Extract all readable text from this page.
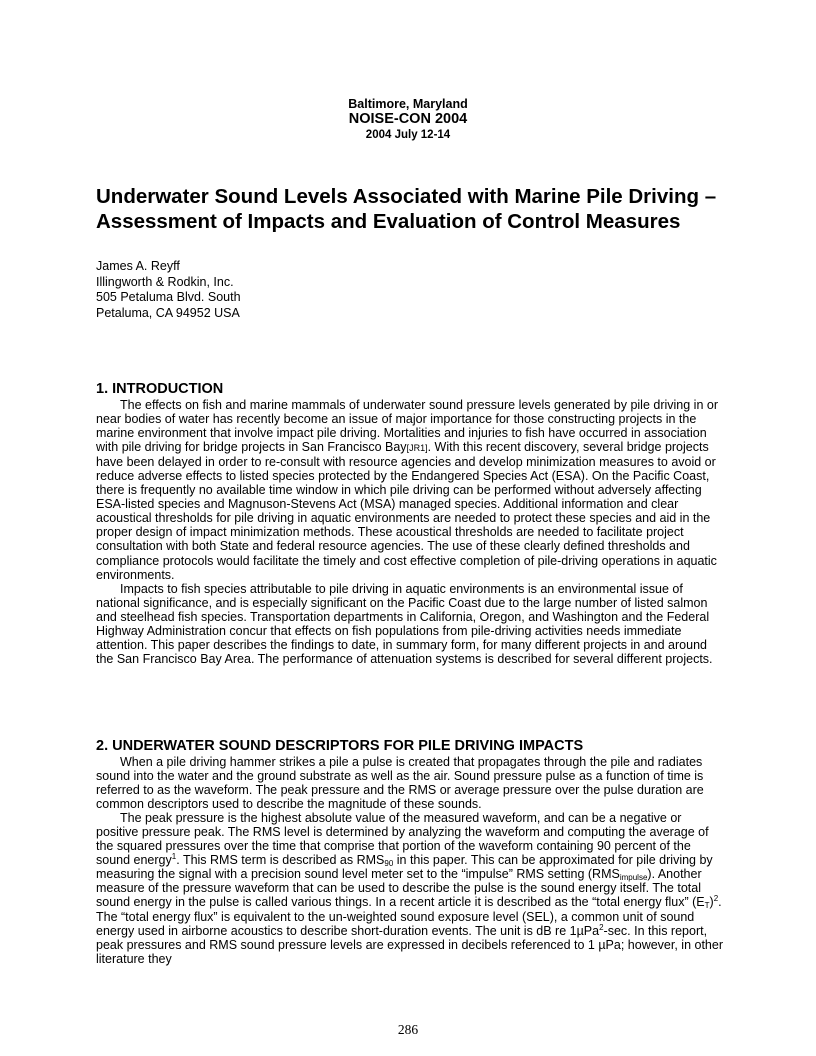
Baltimore, Maryland
NOISE-CON 2004
2004 July 12-14
Underwater Sound Levels Associated with Marine Pile Driving – Assessment of Impacts and Evaluation of Control Measures
James A. Reyff
Illingworth & Rodkin, Inc.
505 Petaluma Blvd. South
Petaluma, CA 94952 USA
1. INTRODUCTION

The effects on fish and marine mammals of underwater sound pressure levels generated by pile driving in or near bodies of water has recently become an issue of major importance for those constructing projects in the marine environment that involve impact pile driving. Mortalities and injuries to fish have occurred in association with pile driving for bridge projects in San Francisco Bay[JR1]. With this recent discovery, several bridge projects have been delayed in order to re-consult with resource agencies and develop minimization measures to avoid or reduce adverse effects to listed species protected by the Endangered Species Act (ESA). On the Pacific Coast, there is frequently no available time window in which pile driving can be performed without adversely affecting ESA-listed species and Magnuson-Stevens Act (MSA) managed species. Additional information and clear acoustical thresholds for pile driving in aquatic environments are needed to protect these species and aid in the proper design of impact minimization methods. These acoustical thresholds are needed to facilitate project consultation with both State and federal resource agencies. The use of these clearly defined thresholds and compliance protocols would facilitate the timely and cost effective completion of pile-driving operations in aquatic environments.

Impacts to fish species attributable to pile driving in aquatic environments is an environmental issue of national significance, and is especially significant on the Pacific Coast due to the large number of listed salmon and steelhead fish species. Transportation departments in California, Oregon, and Washington and the Federal Highway Administration concur that effects on fish populations from pile-driving activities needs immediate attention. This paper describes the findings to date, in summary form, for many different projects in and around the San Francisco Bay Area. The performance of attenuation systems is described for several different projects.

2. UNDERWATER SOUND DESCRIPTORS FOR PILE DRIVING IMPACTS

When a pile driving hammer strikes a pile a pulse is created that propagates through the pile and radiates sound into the water and the ground substrate as well as the air. Sound pressure pulse as a function of time is referred to as the waveform. The peak pressure and the RMS or average pressure over the pulse duration are common descriptors used to describe the magnitude of these sounds.

The peak pressure is the highest absolute value of the measured waveform, and can be a negative or positive pressure peak. The RMS level is determined by analyzing the waveform and computing the average of the squared pressures over the time that comprise that portion of the waveform containing 90 percent of the sound energy$^1$. This RMS term is described as $RMS_{90}$ in this paper. This can be approximated for pile driving by measuring the signal with a precision sound level meter set to the “impulse” RMS setting $(RMS_{impulse})$. Another measure of the pressure waveform that can be used to describe the pulse is the sound energy itself. The total sound energy in the pulse is called various things. In a recent article it is described as the “total energy flux” $(E_T)^2$. The “total energy flux” is equivalent to the un-weighted sound exposure level (SEL), a common unit of sound energy used in airborne acoustics to describe short-duration events. The unit is dB re 1µPa$^2$-sec. In this report, peak pressures and RMS sound pressure levels are expressed in decibels referenced to 1 µPa; however, in other literature they

286
